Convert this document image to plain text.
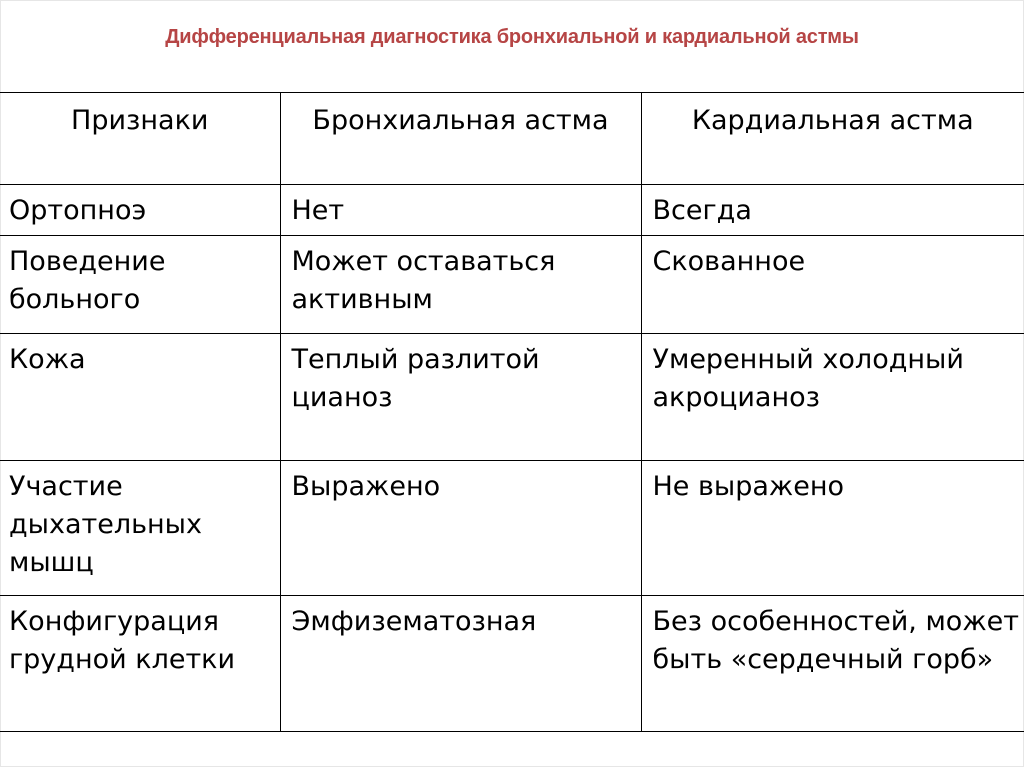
Дифференциальная диагностика бронхиальной и кардиальной астмы
Признаки	Бронхиальная астма	Кардиальная астма
Ортопноэ	Нет	Всегда
Поведение больного	Может оставаться активным	Скованное
Кожа	Теплый разлитой цианоз	Умеренный холодный акроцианоз
Участие дыхательных мышц	Выражено	Не выражено
Конфигурация грудной клетки	Эмфизематозная	Без особенностей, может быть «сердечный горб»
